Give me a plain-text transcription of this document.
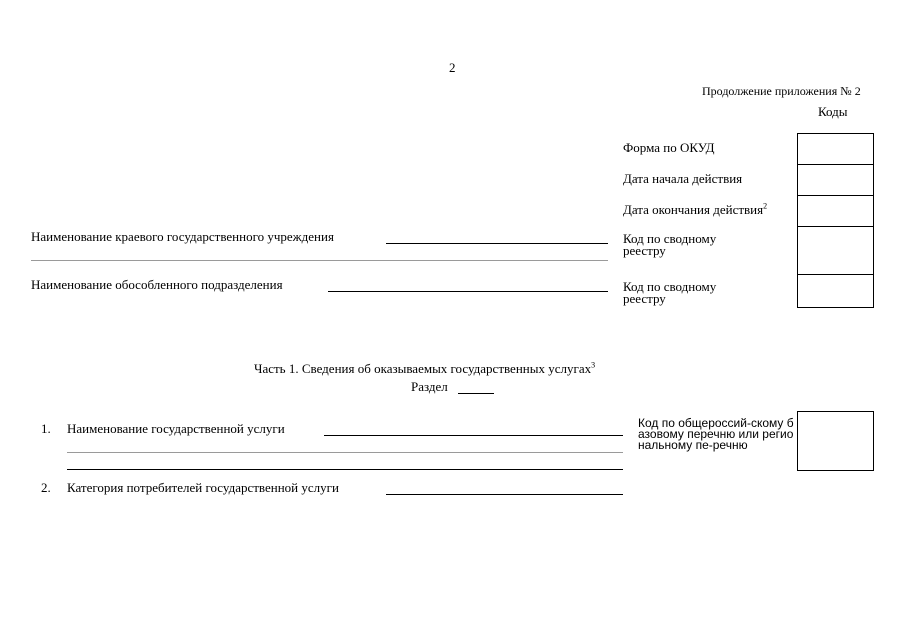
2
Продолжение приложения № 2
Коды
Форма по ОКУД
Дата начала действия
Дата окончания действия$^2$
Код по сводному реестру
Код по сводному реестру
Наименование краевого государственного учреждения
Наименование обособленного подразделения
Часть 1. Сведения об оказываемых государственных услугах$^3$
Раздел
1. Наименование государственной услуги
2. Категория потребителей государственной услуги
Код по общероссий-скому базовому перечню или региональному пе-речню
